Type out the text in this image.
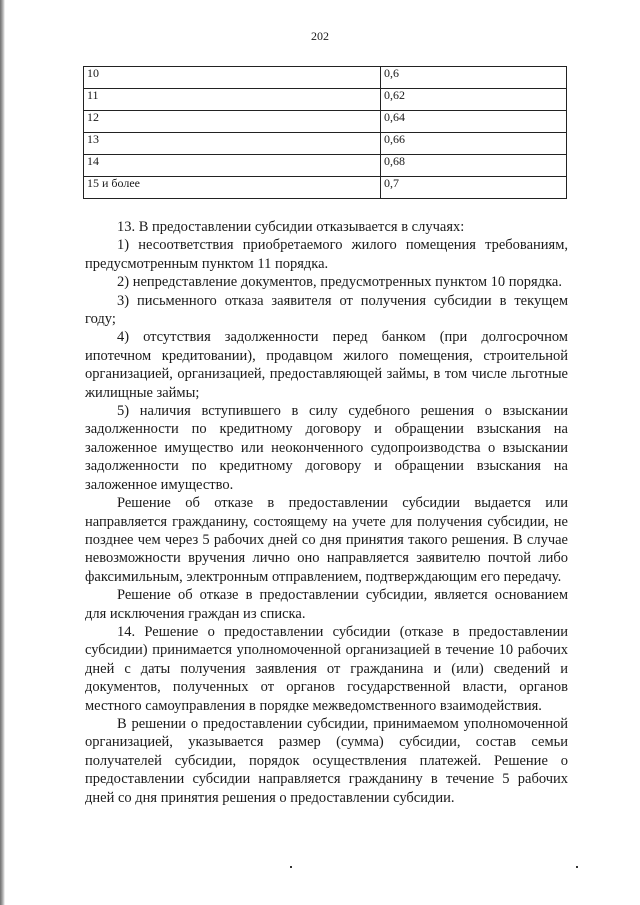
202
10	0,6
11	0,62
12	0,64
13	0,66
14	0,68
15 и более	0,7

13. В предоставлении субсидии отказывается в случаях:

1) несоответствия приобретаемого жилого помещения требованиям, предусмотренным пунктом 11 порядка.

2) непредставление документов, предусмотренных пунктом 10 порядка.

3) письменного отказа заявителя от получения субсидии в текущем году;

4) отсутствия задолженности перед банком (при долгосрочном ипотечном кредитовании), продавцом жилого помещения, строительной организацией, организацией, предоставляющей займы, в том числе льготные жилищные займы;

5) наличия вступившего в силу судебного решения о взыскании задолженности по кредитному договору и обращении взыскания на заложенное имущество или неоконченного судопроизводства о взыскании задолженности по кредитному договору и обращении взыскания на заложенное имущество.

Решение об отказе в предоставлении субсидии выдается или направляется гражданину, состоящему на учете для получения субсидии, не позднее чем через 5 рабочих дней со дня принятия такого решения. В случае невозможности вручения лично оно направляется заявителю почтой либо факсимильным, электронным отправлением, подтверждающим его передачу.

Решение об отказе в предоставлении субсидии, является основанием для исключения граждан из списка.

14. Решение о предоставлении субсидии (отказе в предоставлении субсидии) принимается уполномоченной организацией в течение 10 рабочих дней с даты получения заявления от гражданина и (или) сведений и документов, полученных от органов государственной власти, органов местного самоуправления в порядке межведомственного взаимодействия.

В решении о предоставлении субсидии, принимаемом уполномоченной организацией, указывается размер (сумма) субсидии, состав семьи получателей субсидии, порядок осуществления платежей. Решение о предоставлении субсидии направляется гражданину в течение 5 рабочих дней со дня принятия решения о предоставлении субсидии.
